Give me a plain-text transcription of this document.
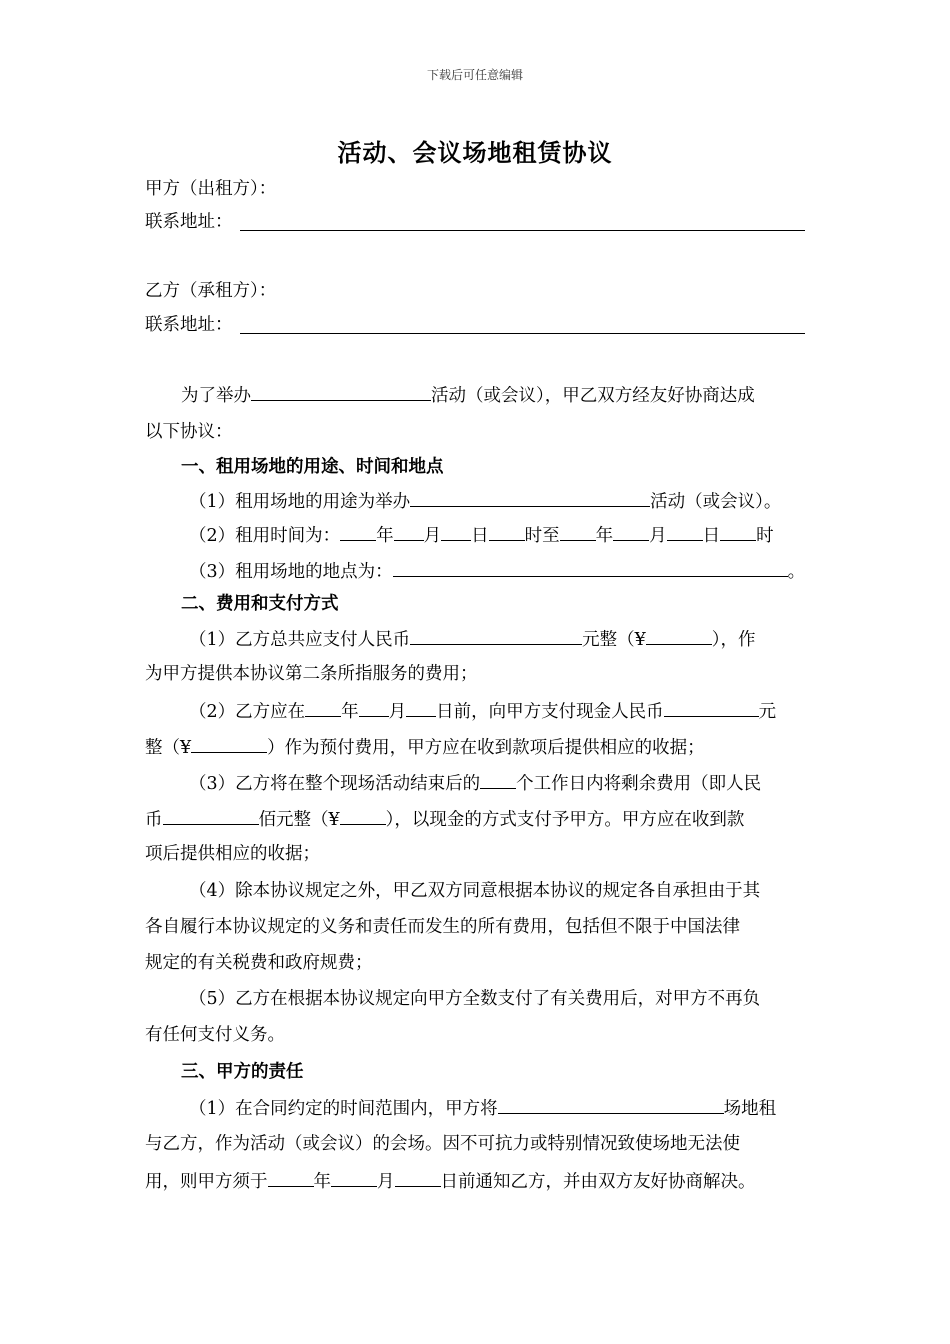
下载后可任意编辑
活动、会议场地租赁协议
甲方（出租方）：
联系地址：
乙方（承租方）：
联系地址：
为了举办	活动（或会议），甲乙双方经友好协商达成
以下协议：
一、租用场地的用途、时间和地点
（1）租用场地的用途为举办	活动（或会议）。
（2）租用时间为： 年 月 日 时至 年 月 日 时
（3）租用场地的地点为：	。
二、费用和支付方式
（1）乙方总共应支付人民币	元整（¥	），作
为甲方提供本协议第二条所指服务的费用；
（2）乙方应在 年 月 日前，向甲方支付现金人民币	元
整（¥	）作为预付费用，甲方应在收到款项后提供相应的收据；
（3）乙方将在整个现场活动结束后的 个工作日内将剩余费用（即人民
币	佰元整（¥	），以现金的方式支付予甲方。甲方应在收到款
项后提供相应的收据；
（4）除本协议规定之外，甲乙双方同意根据本协议的规定各自承担由于其
各自履行本协议规定的义务和责任而发生的所有费用，包括但不限于中国法律
规定的有关税费和政府规费；
（5）乙方在根据本协议规定向甲方全数支付了有关费用后，对甲方不再负
有任何支付义务。
三、甲方的责任
（1）在合同约定的时间范围内，甲方将	场地租
与乙方，作为活动（或会议）的会场。因不可抗力或特别情况致使场地无法使
用，则甲方须于	年	月	日前通知乙方，并由双方友好协商解决。
